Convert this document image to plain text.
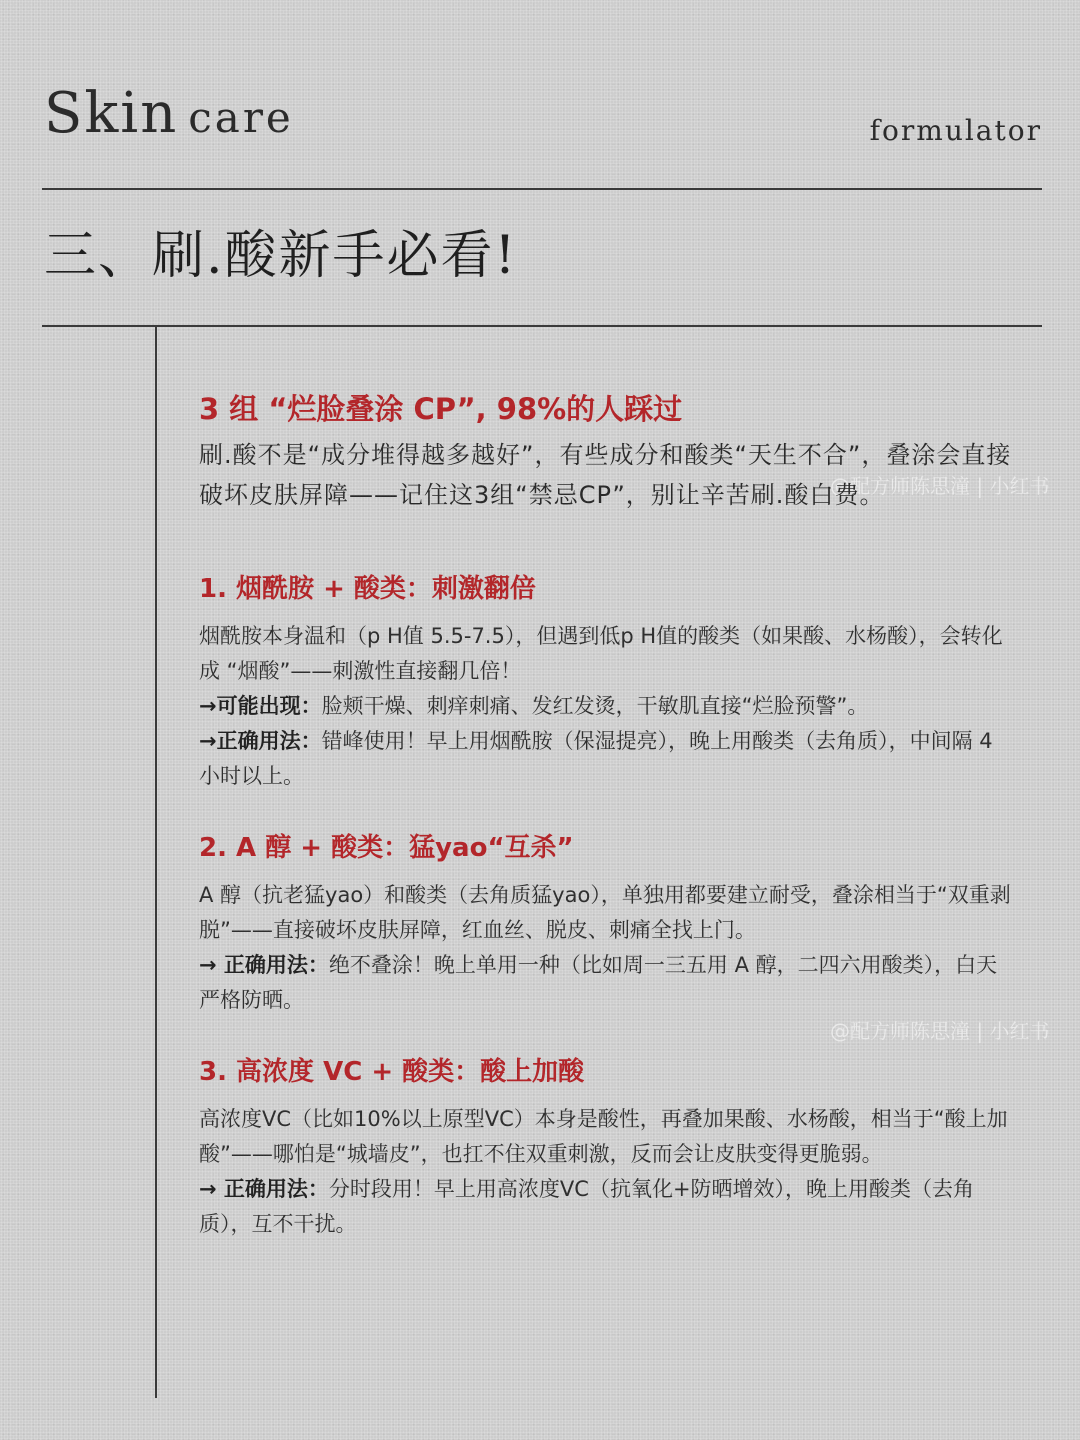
Skin care	formulator
三、刷.酸新手必看!
@配方师陈思潼 | 小红书
@配方师陈思潼 | 小红书
3 组 “烂脸叠涂 CP”, 98%的人踩过

刷.酸不是“成分堆得越多越好”，有些成分和酸类“天生不合”，叠涂会直接破坏皮肤屏障——记住这3组“禁忌CP”，别让辛苦刷.酸白费。

1. 烟酰胺 + 酸类：刺激翻倍

烟酰胺本身温和（p H值 5.5-7.5），但遇到低p H值的酸类（如果酸、水杨酸），会转化成 “烟酸”——刺激性直接翻几倍！

→可能出现：脸颊干燥、刺痒刺痛、发红发烫，干敏肌直接“烂脸预警”。

→正确用法：错峰使用！早上用烟酰胺（保湿提亮），晚上用酸类（去角质），中间隔 4 小时以上。

2. A 醇 + 酸类：猛yao“互杀”

A 醇（抗老猛yao）和酸类（去角质猛yao），单独用都要建立耐受，叠涂相当于“双重剥脱”——直接破坏皮肤屏障，红血丝、脱皮、刺痛全找上门。

→ 正确用法：绝不叠涂！晚上单用一种（比如周一三五用 A 醇，二四六用酸类），白天严格防晒。

3. 高浓度 VC + 酸类：酸上加酸

高浓度VC（比如10%以上原型VC）本身是酸性，再叠加果酸、水杨酸，相当于“酸上加酸”——哪怕是“城墙皮”，也扛不住双重刺激，反而会让皮肤变得更脆弱。

→ 正确用法：分时段用！早上用高浓度VC（抗氧化+防晒增效），晚上用酸类（去角质），互不干扰。
